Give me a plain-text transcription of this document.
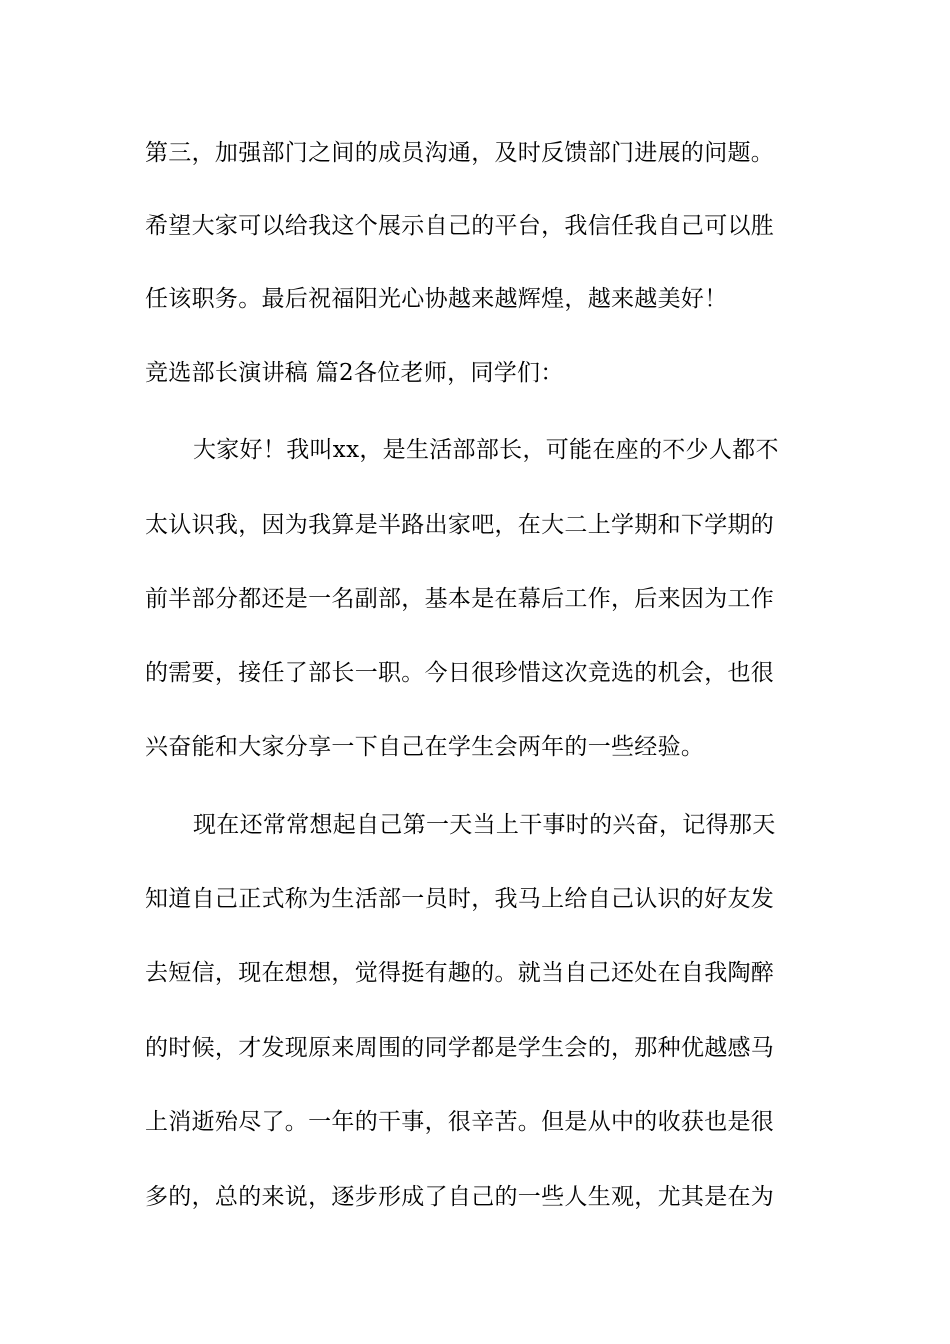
第三，加强部门之间的成员沟通，及时反馈部门进展的问题。
希望大家可以给我这个展示自己的平台，我信任我自己可以胜
任该职务。最后祝福阳光心协越来越辉煌，越来越美好！
竞选部长演讲稿 篇2各位老师，同学们：
大家好！我叫xx，是生活部部长，可能在座的不少人都不
太认识我，因为我算是半路出家吧，在大二上学期和下学期的
前半部分都还是一名副部，基本是在幕后工作，后来因为工作
的需要，接任了部长一职。今日很珍惜这次竞选的机会，也很
兴奋能和大家分享一下自己在学生会两年的一些经验。
现在还常常想起自己第一天当上干事时的兴奋，记得那天
知道自己正式称为生活部一员时，我马上给自己认识的好友发
去短信，现在想想，觉得挺有趣的。就当自己还处在自我陶醉
的时候，才发现原来周围的同学都是学生会的，那种优越感马
上消逝殆尽了。一年的干事，很辛苦。但是从中的收获也是很
多的，总的来说，逐步形成了自己的一些人生观，尤其是在为
